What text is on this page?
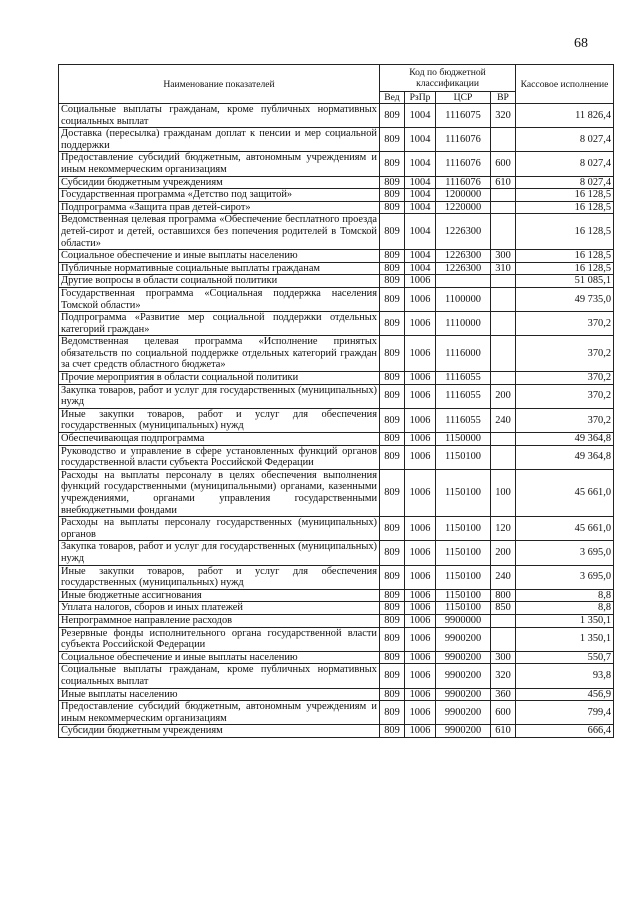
68
Наименование показателей	Код по бюджетной классификации				Кассовое исполнение
	Вед	РзПр	ЦСР	ВР	
Социальные выплаты гражданам, кроме публичных нормативных социальных выплат	809	1004	1116075	320	11 826,4
Доставка (пересылка) гражданам доплат к пенсии и мер социальной поддержки	809	1004	1116076		8 027,4
Предоставление субсидий бюджетным, автономным учреждениям и иным некоммерческим организациям	809	1004	1116076	600	8 027,4
Субсидии бюджетным учреждениям	809	1004	1116076	610	8 027,4
Государственная программа «Детство под защитой»	809	1004	1200000		16 128,5
Подпрограмма «Защита прав детей-сирот»	809	1004	1220000		16 128,5
Ведомственная целевая программа «Обеспечение бесплатного проезда детей-сирот и детей, оставшихся без попечения родителей в Томской области»	809	1004	1226300		16 128,5
Социальное обеспечение и иные выплаты населению	809	1004	1226300	300	16 128,5
Публичные нормативные социальные выплаты гражданам	809	1004	1226300	310	16 128,5
Другие вопросы в области социальной политики	809	1006			51 085,1
Государственная программа «Социальная поддержка населения Томской области»	809	1006	1100000		49 735,0
Подпрограмма «Развитие мер социальной поддержки отдельных категорий граждан»	809	1006	1110000		370,2
Ведомственная целевая программа «Исполнение принятых обязательств по социальной поддержке отдельных категорий граждан за счет средств областного бюджета»	809	1006	1116000		370,2
Прочие мероприятия в области социальной политики	809	1006	1116055		370,2
Закупка товаров, работ и услуг для государственных (муниципальных) нужд	809	1006	1116055	200	370,2
Иные закупки товаров, работ и услуг для обеспечения государственных (муниципальных) нужд	809	1006	1116055	240	370,2
Обеспечивающая подпрограмма	809	1006	1150000		49 364,8
Руководство и управление в сфере установленных функций органов государственной власти субъекта Российской Федерации	809	1006	1150100		49 364,8
Расходы на выплаты персоналу в целях обеспечения выполнения функций государственными (муниципальными) органами, казенными учреждениями, органами управления государственными внебюджетными фондами	809	1006	1150100	100	45 661,0
Расходы на выплаты персоналу государственных (муниципальных) органов	809	1006	1150100	120	45 661,0
Закупка товаров, работ и услуг для государственных (муниципальных) нужд	809	1006	1150100	200	3 695,0
Иные закупки товаров, работ и услуг для обеспечения государственных (муниципальных) нужд	809	1006	1150100	240	3 695,0
Иные бюджетные ассигнования	809	1006	1150100	800	8,8
Уплата налогов, сборов и иных платежей	809	1006	1150100	850	8,8
Непрограммное направление расходов	809	1006	9900000		1 350,1
Резервные фонды исполнительного органа государственной власти субъекта Российской Федерации	809	1006	9900200		1 350,1
Социальное обеспечение и иные выплаты населению	809	1006	9900200	300	550,7
Социальные выплаты гражданам, кроме публичных нормативных социальных выплат	809	1006	9900200	320	93,8
Иные выплаты населению	809	1006	9900200	360	456,9
Предоставление субсидий бюджетным, автономным учреждениям и иным некоммерческим организациям	809	1006	9900200	600	799,4
Субсидии бюджетным учреждениям	809	1006	9900200	610	666,4
